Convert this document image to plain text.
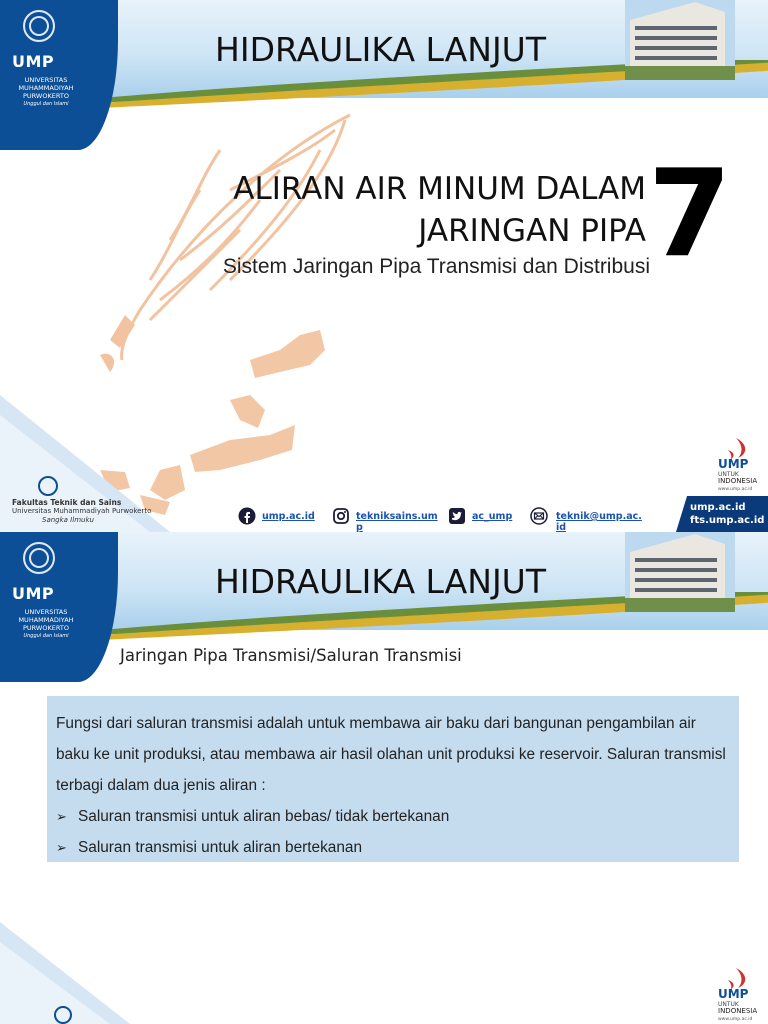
HIDRAULIKA LANJUT
UMP
UNIVERSITAS
MUHAMMADIYAH
PURWOKERTO
Unggul dan Islami
ALIRAN AIR MINUM DALAM
JARINGAN PIPA 7
Sistem Jaringan Pipa Transmisi dan Distribusi
Fakultas Teknik dan Sains
Universitas Muhammadiyah Purwokerto
Sangka Ilmuku	ump.ac.id	tekniksains.um
p
ac_ump	teknik@ump.ac.
id
UMP
UNTUK
INDONESIA
www.ump.ac.id
ump.ac.id
fts.ump.ac.id
HIDRAULIKA LANJUT
UMP
UNIVERSITAS
MUHAMMADIYAH
PURWOKERTO
Unggul dan Islami
Jaringan Pipa Transmisi/Saluran Transmisi

Fungsi dari saluran transmisi adalah untuk membawa air baku dari bangunan pengambilan air baku ke unit produksi, atau membawa air hasil olahan unit produksi ke reservoir. Saluran transmisl terbagi dalam dua jenis aliran :

➢ Saluran transmisi untuk aliran bebas/ tidak bertekanan

➢ Saluran transmisi untuk aliran bertekanan

UMP
UNTUK
INDONESIA
www.ump.ac.id
